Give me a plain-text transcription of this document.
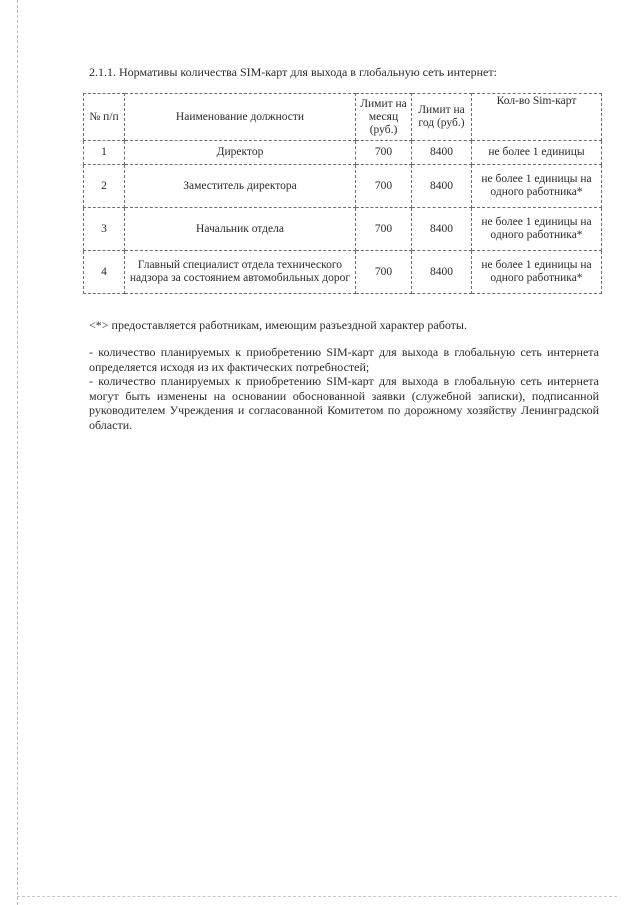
2.1.1. Нормативы количества SIM-карт для выхода в глобальную сеть интернет:
№ п/п	Наименование должности	Лимит на месяц (руб.)	Лимит на год (руб.)	Кол-во Sim-карт
1	Директор	700	8400	не более 1 единицы
2	Заместитель директора	700	8400	не более 1 единицы на одного работника*
3	Начальник отдела	700	8400	не более 1 единицы на одного работника*
4	Главный специалист отдела технического надзора за состоянием автомобильных дорог	700	8400	не более 1 единицы на одного работника*
<*> предоставляется работникам, имеющим разъездной характер работы.

- количество планируемых к приобретению SIM-карт для выхода в глобальную сеть интернета определяется исходя из их фактических потребностей;

- количество планируемых к приобретению SIM-карт для выхода в глобальную сеть интернета могут быть изменены на основании обоснованной заявки (служебной записки), подписанной руководителем Учреждения и согласованной Комитетом по дорожному хозяйству Ленинградской области.
